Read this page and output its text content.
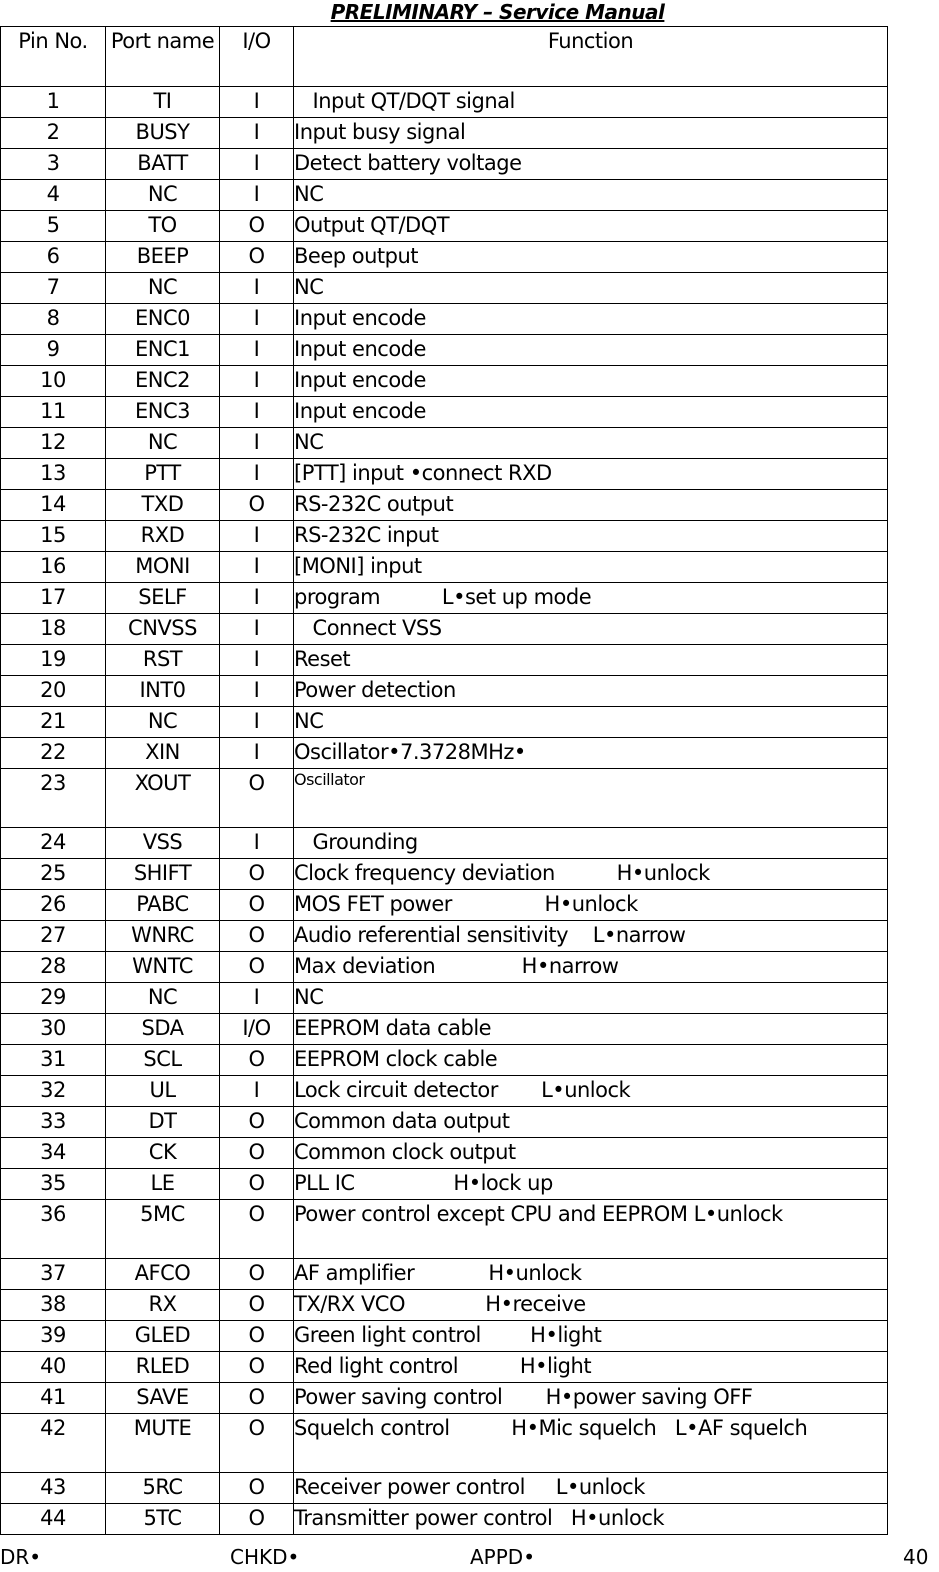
PRELIMINARY – Service Manual
Pin No.	Port name	I/O	Function
1	TI	I	Input QT/DQT signal
2	BUSY	I	Input busy signal
3	BATT	I	Detect battery voltage
4	NC	I	NC
5	TO	O	Output QT/DQT
6	BEEP	O	Beep output
7	NC	I	NC
8	ENC0	I	Input encode
9	ENC1	I	Input encode
10	ENC2	I	Input encode
11	ENC3	I	Input encode
12	NC	I	NC
13	PTT	I	[PTT] input •connect RXD
14	TXD	O	RS-232C output
15	RXD	I	RS-232C input
16	MONI	I	[MONI] input
17	SELF	I	program          L•set up mode
18	CNVSS	I	Connect VSS
19	RST	I	Reset
20	INT0	I	Power detection
21	NC	I	NC
22	XIN	I	Oscillator•7.3728MHz•
23	XOUT	O	Oscillator
24	VSS	I	Grounding
25	SHIFT	O	Clock frequency deviation          H•unlock
26	PABC	O	MOS FET power               H•unlock
27	WNRC	O	Audio referential sensitivity    L•narrow
28	WNTC	O	Max deviation              H•narrow
29	NC	I	NC
30	SDA	I/O	EEPROM data cable
31	SCL	O	EEPROM clock cable
32	UL	I	Lock circuit detector       L•unlock
33	DT	O	Common data output
34	CK	O	Common clock output
35	LE	O	PLL IC                H•lock up
36	5MC	O	Power control except CPU and EEPROM L•unlock
37	AFCO	O	AF amplifier            H•unlock
38	RX	O	TX/RX VCO             H•receive
39	GLED	O	Green light control        H•light
40	RLED	O	Red light control          H•light
41	SAVE	O	Power saving control       H•power saving OFF
42	MUTE	O	Squelch control          H•Mic squelch   L•AF squelch
43	5RC	O	Receiver power control     L•unlock
44	5TC	O	Transmitter power control   H•unlock
DR•	CHKD•	APPD•	40
